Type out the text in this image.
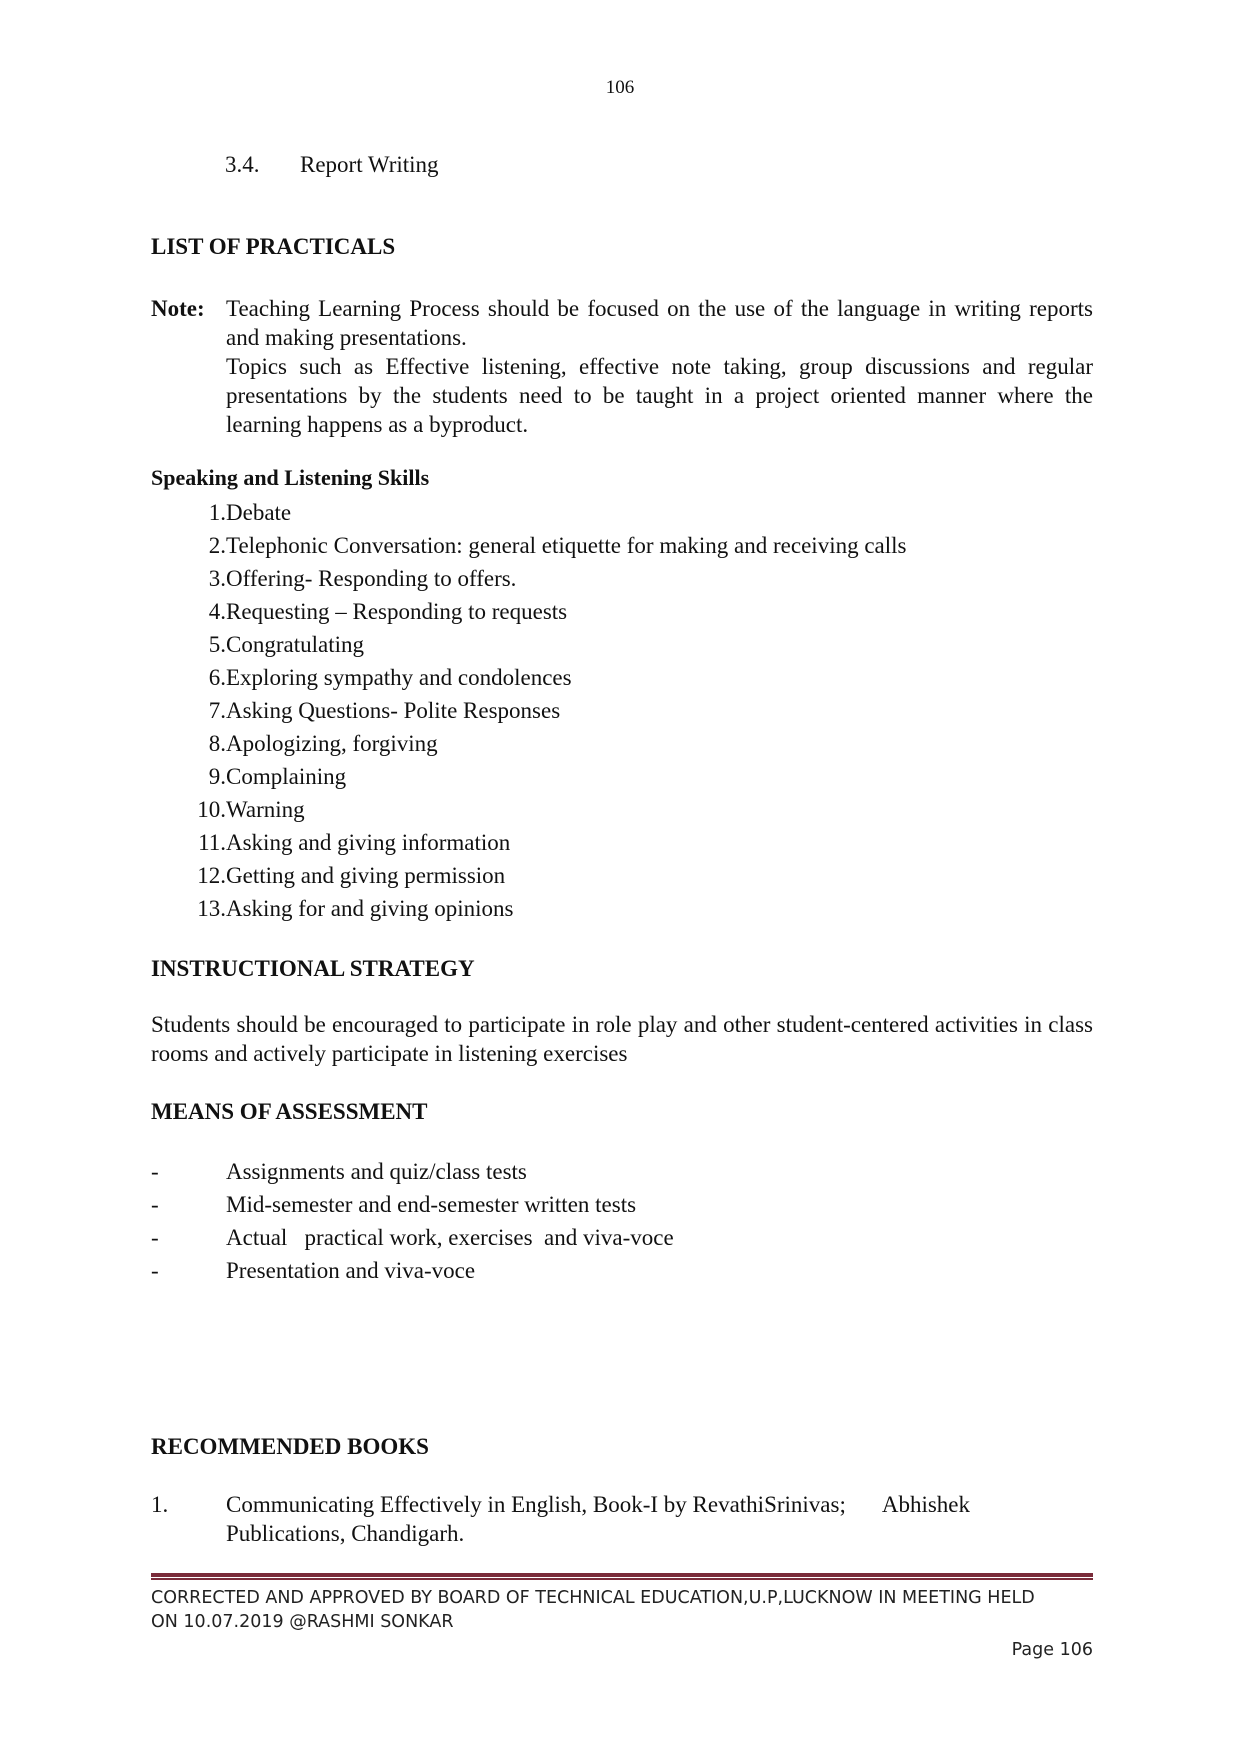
106
3.4. Report Writing
LIST OF PRACTICALS
Note: Teaching Learning Process should be focused on the use of the language in writing reports and making presentations.

Topics such as Effective listening, effective note taking, group discussions and regular presentations by the students need to be taught in a project oriented manner where the learning happens as a byproduct.

Speaking and Listening Skills
1.Debate
2.Telephonic Conversation: general etiquette for making and receiving calls
3.Offering- Responding to offers.
4.Requesting – Responding to requests
5.Congratulating
6.Exploring sympathy and condolences
7.Asking Questions- Polite Responses
8.Apologizing, forgiving
9.Complaining
10.Warning
11.Asking and giving information
12.Getting and giving permission
13.Asking for and giving opinions
INSTRUCTIONAL STRATEGY
Students should be encouraged to participate in role play and other student-centered activities in class rooms and actively participate in listening exercises
MEANS OF ASSESSMENT
-	Assignments and quiz/class tests
-	Mid-semester and end-semester written tests
-	Actual   practical work, exercises  and viva-voce
-	Presentation and viva-voce
RECOMMENDED BOOKS
1.	Communicating Effectively in English, Book-I by RevathiSrinivas; Abhishek Publications, Chandigarh.
CORRECTED AND APPROVED BY BOARD OF TECHNICAL EDUCATION,U.P,LUCKNOW IN MEETING HELD
ON 10.07.2019 @RASHMI SONKAR
Page 106
